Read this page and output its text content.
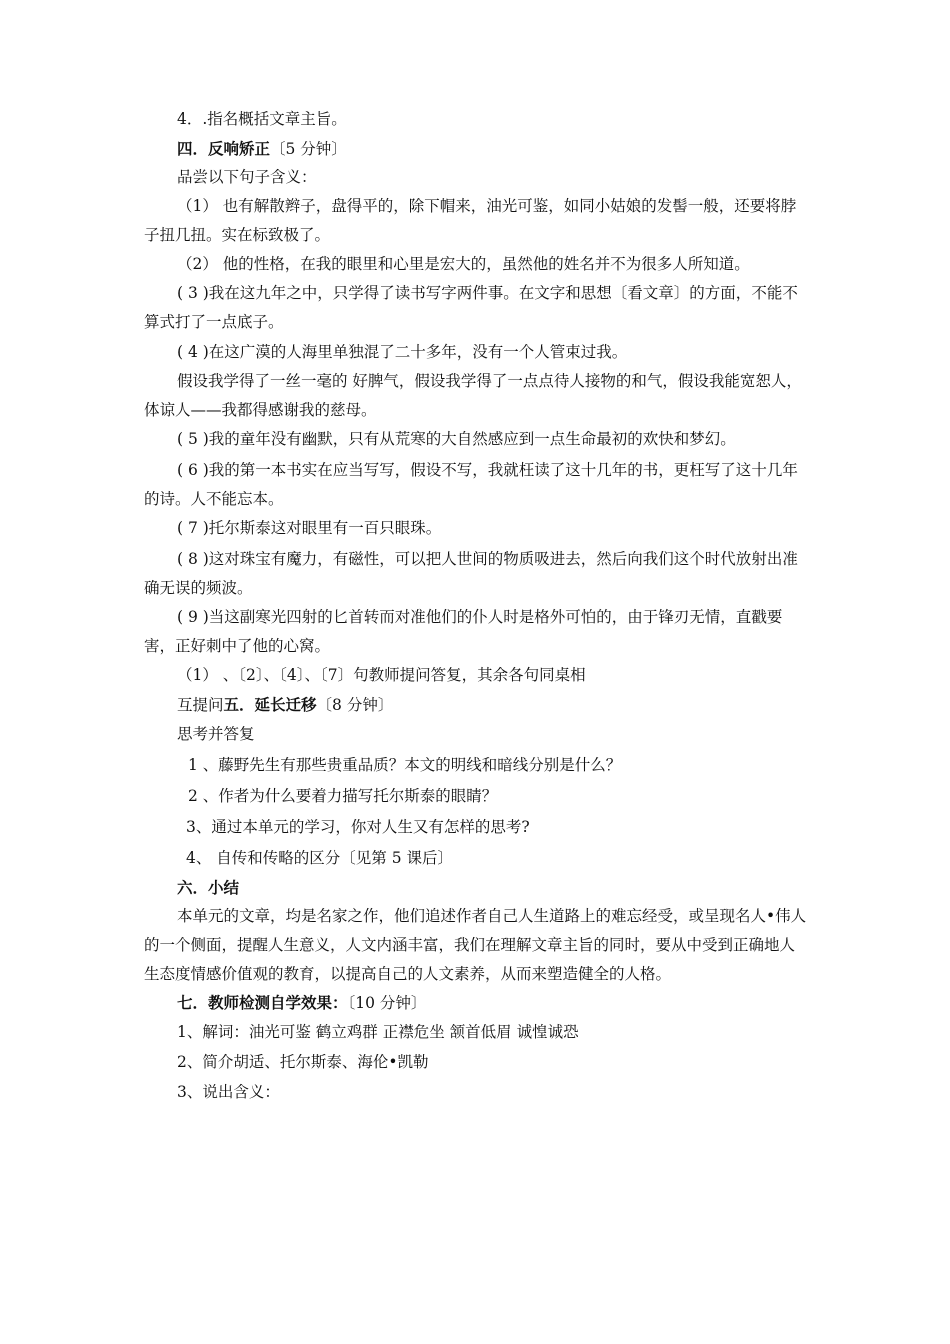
4．.指名概括文章主旨。
四．反响矫正〔5 分钟〕
品尝以下句子含义：
（1） 也有解散辫子，盘得平的，除下帽来，油光可鉴，如同小姑娘的发髻一般，还要将脖子扭几扭。实在标致极了。
（2） 他的性格，在我的眼里和心里是宏大的，虽然他的姓名并不为很多人所知道。
( 3 )我在这九年之中，只学得了读书写字两件事。在文字和思想〔看文章〕的方面，不能不算式打了一点底子。
( 4 )在这广漠的人海里单独混了二十多年，没有一个人管束过我。
假设我学得了一丝一毫的 好脾气，假设我学得了一点点待人接物的和气，假设我能宽恕人，体谅人——我都得感谢我的慈母。
( 5 )我的童年没有幽默，只有从荒寒的大自然感应到一点生命最初的欢快和梦幻。
( 6 )我的第一本书实在应当写写，假设不写，我就枉读了这十几年的书，更枉写了这十几年的诗。人不能忘本。
( 7 )托尔斯泰这对眼里有一百只眼珠。
( 8 )这对珠宝有魔力，有磁性，可以把人世间的物质吸进去，然后向我们这个时代放射出准确无误的频波。
( 9 )当这副寒光四射的匕首转而对准他们的仆人时是格外可怕的，由于锋刃无情，直戳要害，正好刺中了他的心窝。
（1） 、〔2〕、〔4〕、〔7〕句教师提问答复，其余各句同桌相
互提问五．延长迁移〔8 分钟〕
思考并答复
1 、藤野先生有那些贵重品质？本文的明线和暗线分别是什么？
2 、作者为什么要着力描写托尔斯泰的眼睛？
3、通过本单元的学习，你对人生又有怎样的思考?
4、 自传和传略的区分〔见第 5 课后〕
六．小结
本单元的文章，均是名家之作，他们追述作者自己人生道路上的难忘经受，或呈现名人•伟人的一个侧面，提醒人生意义，人文内涵丰富，我们在理解文章主旨的同时，要从中受到正确地人生态度情感价值观的教育，以提高自己的人文素养，从而来塑造健全的人格。
七．教师检测自学效果：〔10 分钟〕
1、解词：油光可鉴 鹤立鸡群 正襟危坐 颔首低眉 诚惶诚恐
2、简介胡适、托尔斯泰、海伦•凯勒
3、说出含义：
